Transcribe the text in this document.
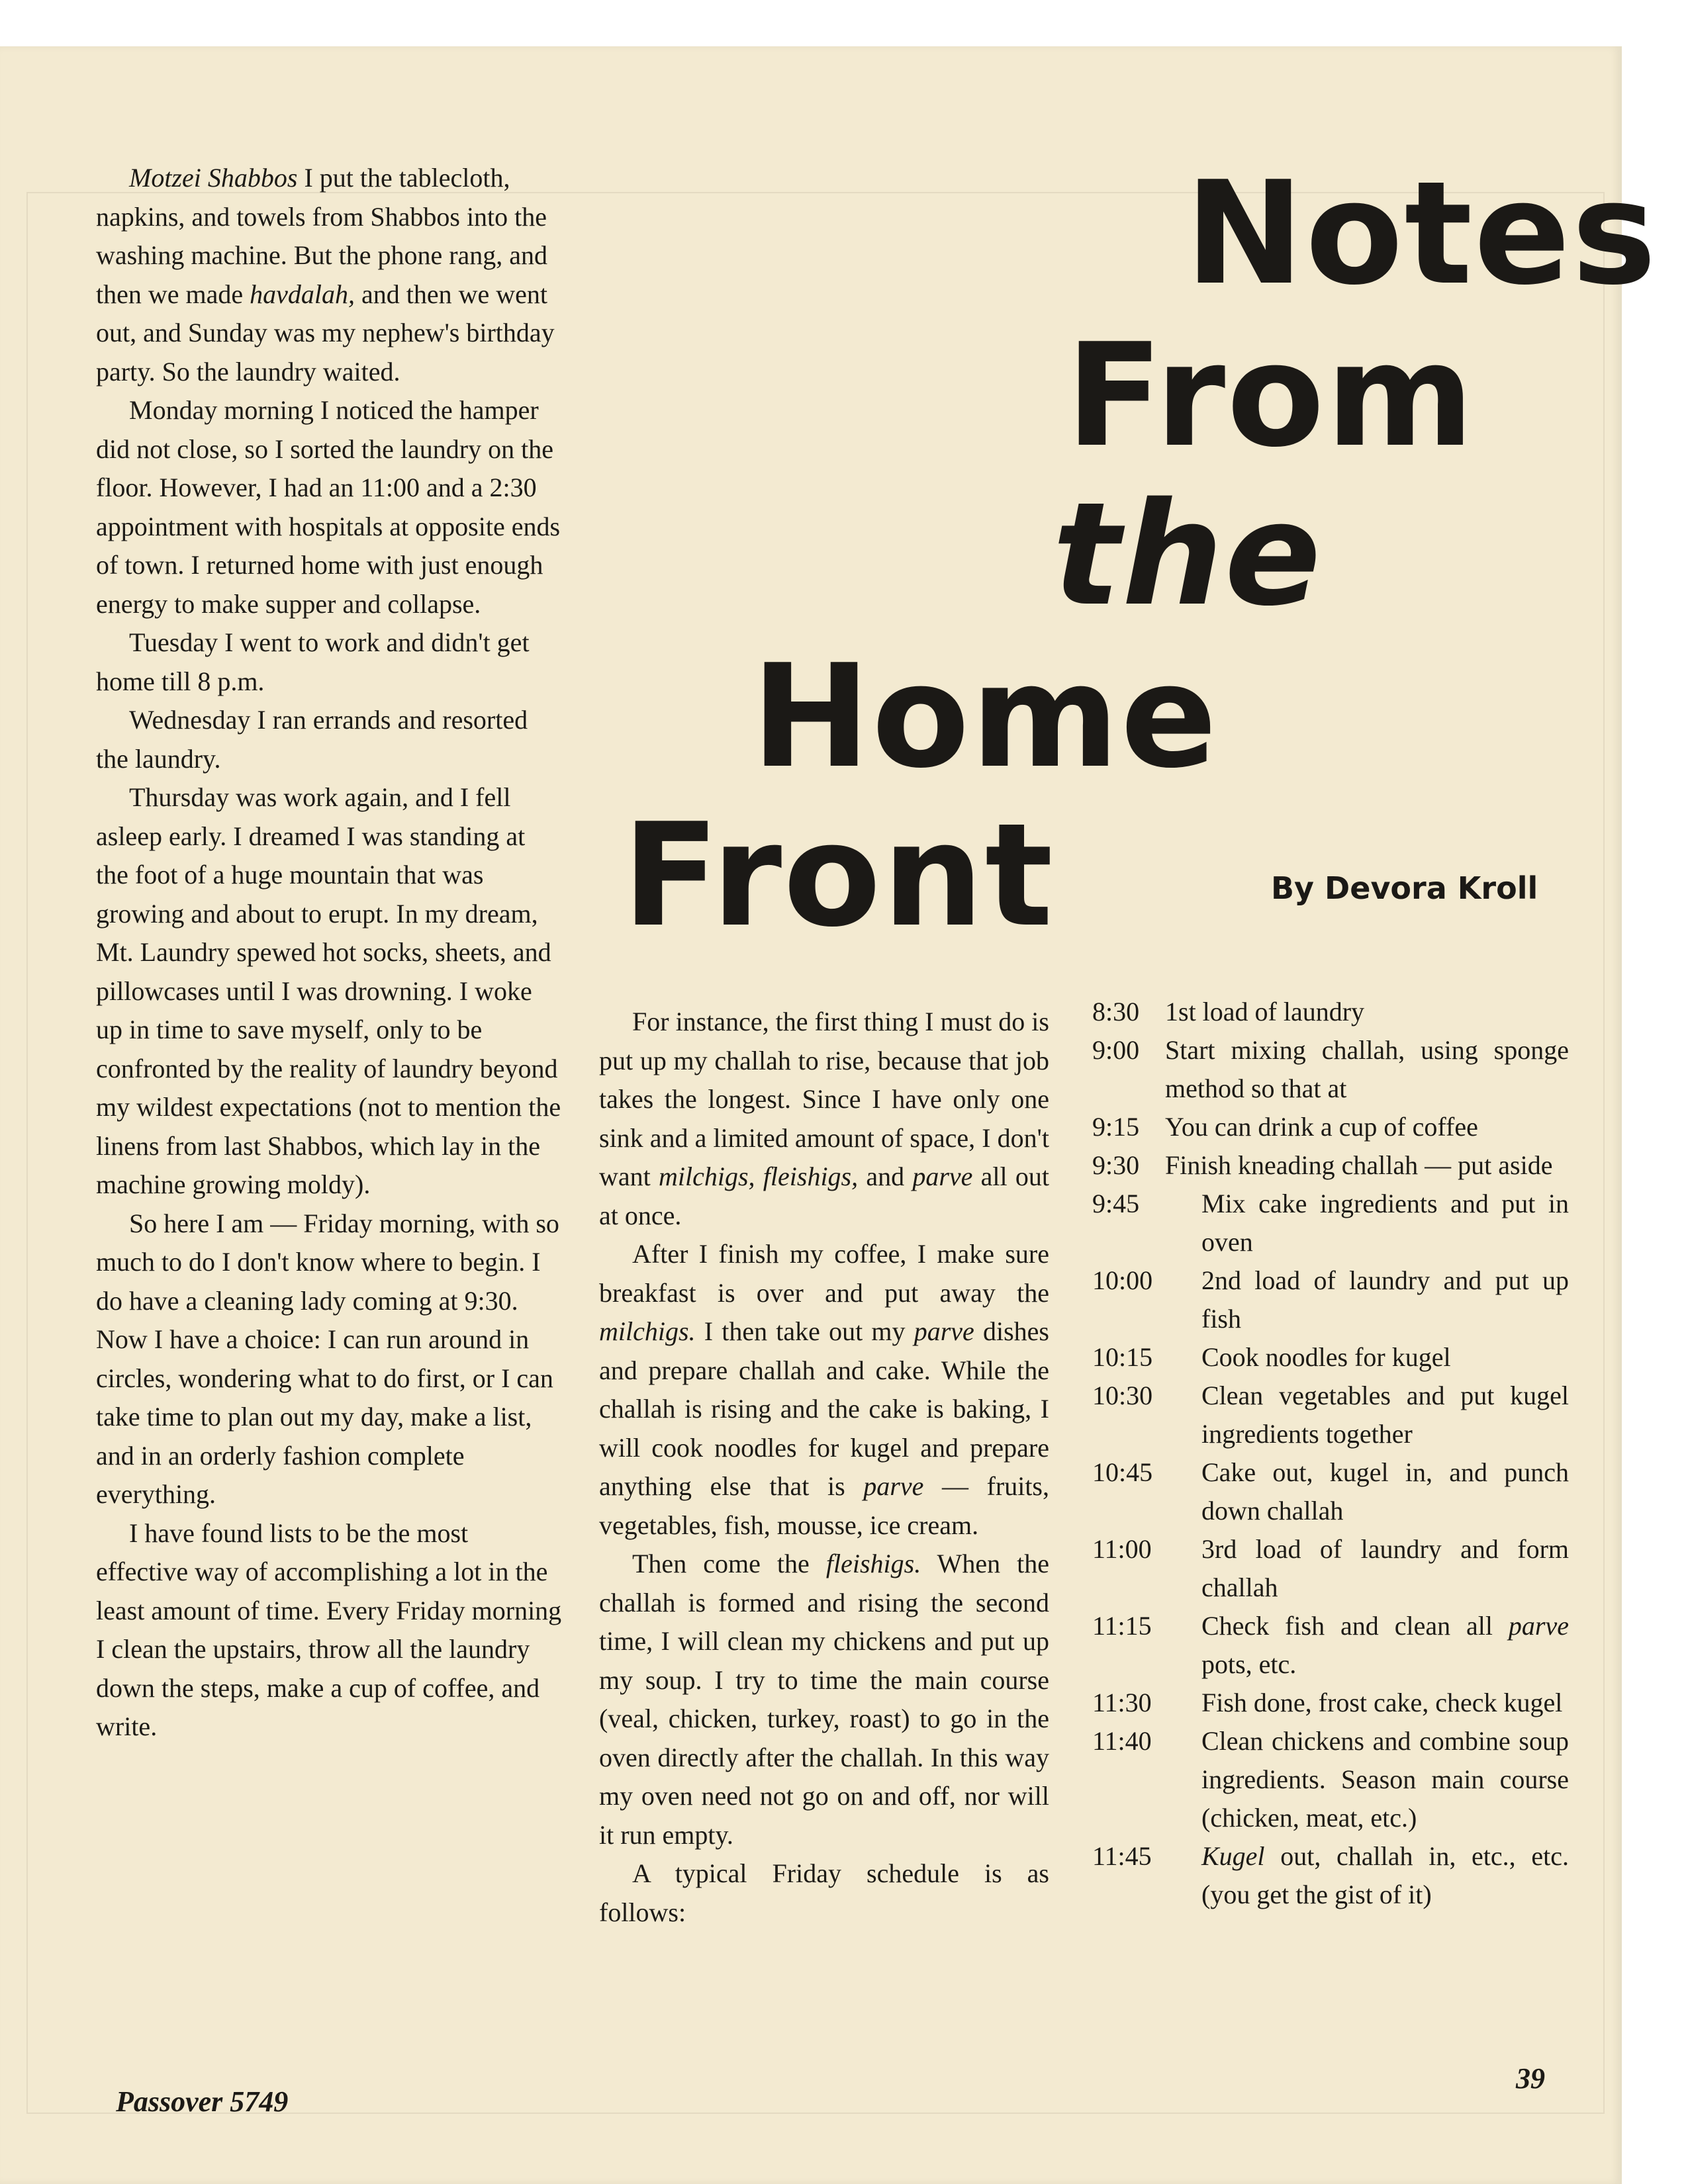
Motzei Shabbos I put the tablecloth, napkins, and towels from Shabbos into the washing machine. But the phone rang, and then we made havdalah, and then we went out, and Sunday was my nephew's birthday party. So the laundry waited.

Monday morning I noticed the hamper did not close, so I sorted the laundry on the floor. However, I had an 11:00 and a 2:30 appointment with hospitals at opposite ends of town. I returned home with just enough energy to make supper and collapse.

Tuesday I went to work and didn't get home till 8 p.m.

Wednesday I ran errands and resorted the laundry.

Thursday was work again, and I fell asleep early. I dreamed I was standing at the foot of a huge mountain that was growing and about to erupt. In my dream, Mt. Laundry spewed hot socks, sheets, and pillowcases until I was drowning. I woke up in time to save myself, only to be confronted by the reality of laundry beyond my wildest expectations (not to mention the linens from last Shabbos, which lay in the machine growing moldy).

So here I am — Friday morning, with so much to do I don't know where to begin. I do have a cleaning lady coming at 9:30. Now I have a choice: I can run around in circles, wondering what to do first, or I can take time to plan out my day, make a list, and in an orderly fashion complete everything.

I have found lists to be the most effective way of accomplishing a lot in the least amount of time. Every Friday morning I clean the upstairs, throw all the laundry down the steps, make a cup of coffee, and write.

Notes
From
the
Home
Front	By Devora Kroll

For instance, the first thing I must do is put up my challah to rise, because that job takes the longest. Since I have only one sink and a limited amount of space, I don't want milchigs, fleishigs, and parve all out at once.

After I finish my coffee, I make sure breakfast is over and put away the milchigs. I then take out my parve dishes and prepare challah and cake. While the challah is rising and the cake is baking, I will cook noodles for kugel and prepare anything else that is parve — fruits, vegetables, fish, mousse, ice cream.

Then come the fleishigs. When the challah is formed and rising the second time, I will clean my chickens and put up my soup. I try to time the main course (veal, chicken, turkey, roast) to go in the oven directly after the challah. In this way my oven need not go on and off, nor will it run empty.

A typical Friday schedule is as follows:

8:30 1st load of laundry
9:00 Start mixing challah, using sponge method so that at
9:15 You can drink a cup of coffee
9:30 Finish kneading challah — put aside
9:45	Mix cake ingredients and put in oven
10:00	2nd load of laundry and put up fish
10:15	Cook noodles for kugel
10:30	Clean vegetables and put kugel ingredients together
10:45	Cake out, kugel in, and punch down challah
11:00	3rd load of laundry and form challah
11:15	Check fish and clean all parve pots, etc.
11:30	Fish done, frost cake, check kugel
11:40	Clean chickens and combine soup ingredients. Season main course (chicken, meat, etc.)
11:45	Kugel out, challah in, etc., etc. (you get the gist of it)
Passover 5749
39
